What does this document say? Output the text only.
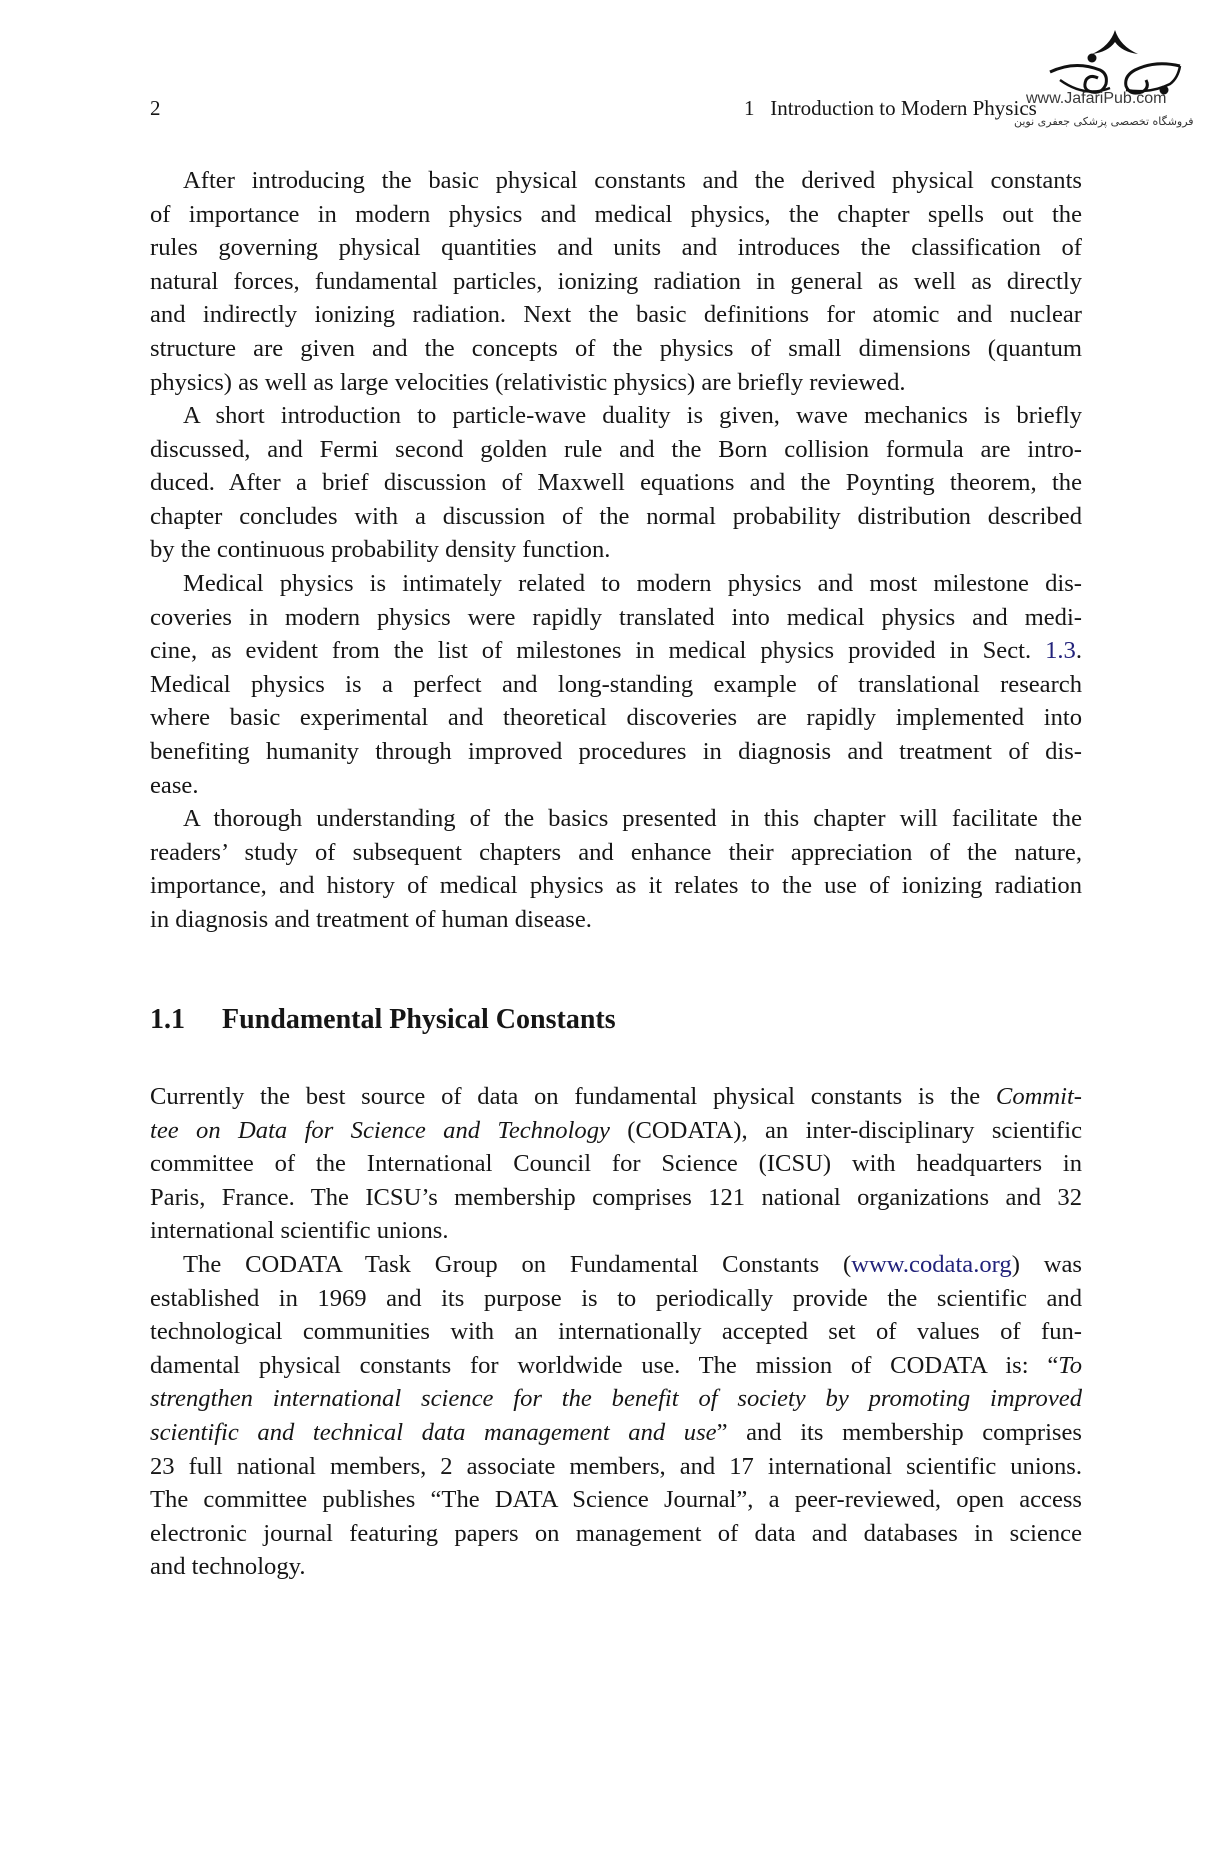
2	1   Introduction to Modern Physics
www.JafariPub.com
فروشگاه تخصصی پزشکی جعفری نوین
After introducing the basic physical constants and the derived physical constants
of importance in modern physics and medical physics, the chapter spells out the
rules governing physical quantities and units and introduces the classification of
natural forces, fundamental particles, ionizing radiation in general as well as directly
and indirectly ionizing radiation. Next the basic definitions for atomic and nuclear
structure are given and the concepts of the physics of small dimensions (quantum
physics) as well as large velocities (relativistic physics) are briefly reviewed.
A short introduction to particle-wave duality is given, wave mechanics is briefly
discussed, and Fermi second golden rule and the Born collision formula are intro-
duced. After a brief discussion of Maxwell equations and the Poynting theorem, the
chapter concludes with a discussion of the normal probability distribution described
by the continuous probability density function.
Medical physics is intimately related to modern physics and most milestone dis-
coveries in modern physics were rapidly translated into medical physics and medi-
cine, as evident from the list of milestones in medical physics provided in Sect. 1.3.
Medical physics is a perfect and long-standing example of translational research
where basic experimental and theoretical discoveries are rapidly implemented into
benefiting humanity through improved procedures in diagnosis and treatment of dis-
ease.
A thorough understanding of the basics presented in this chapter will facilitate the
readers’ study of subsequent chapters and enhance their appreciation of the nature,
importance, and history of medical physics as it relates to the use of ionizing radiation
in diagnosis and treatment of human disease.
1.1 Fundamental Physical Constants
Currently the best source of data on fundamental physical constants is the Commit-
tee on Data for Science and Technology (CODATA), an inter-disciplinary scientific
committee of the International Council for Science (ICSU) with headquarters in
Paris, France. The ICSU’s membership comprises 121 national organizations and 32
international scientific unions.
The CODATA Task Group on Fundamental Constants (www.codata.org) was
established in 1969 and its purpose is to periodically provide the scientific and
technological communities with an internationally accepted set of values of fun-
damental physical constants for worldwide use. The mission of CODATA is: “To
strengthen international science for the benefit of society by promoting improved
scientific and technical data management and use” and its membership comprises
23 full national members, 2 associate members, and 17 international scientific unions.
The committee publishes “The DATA Science Journal”, a peer-reviewed, open access
electronic journal featuring papers on management of data and databases in science
and technology.
